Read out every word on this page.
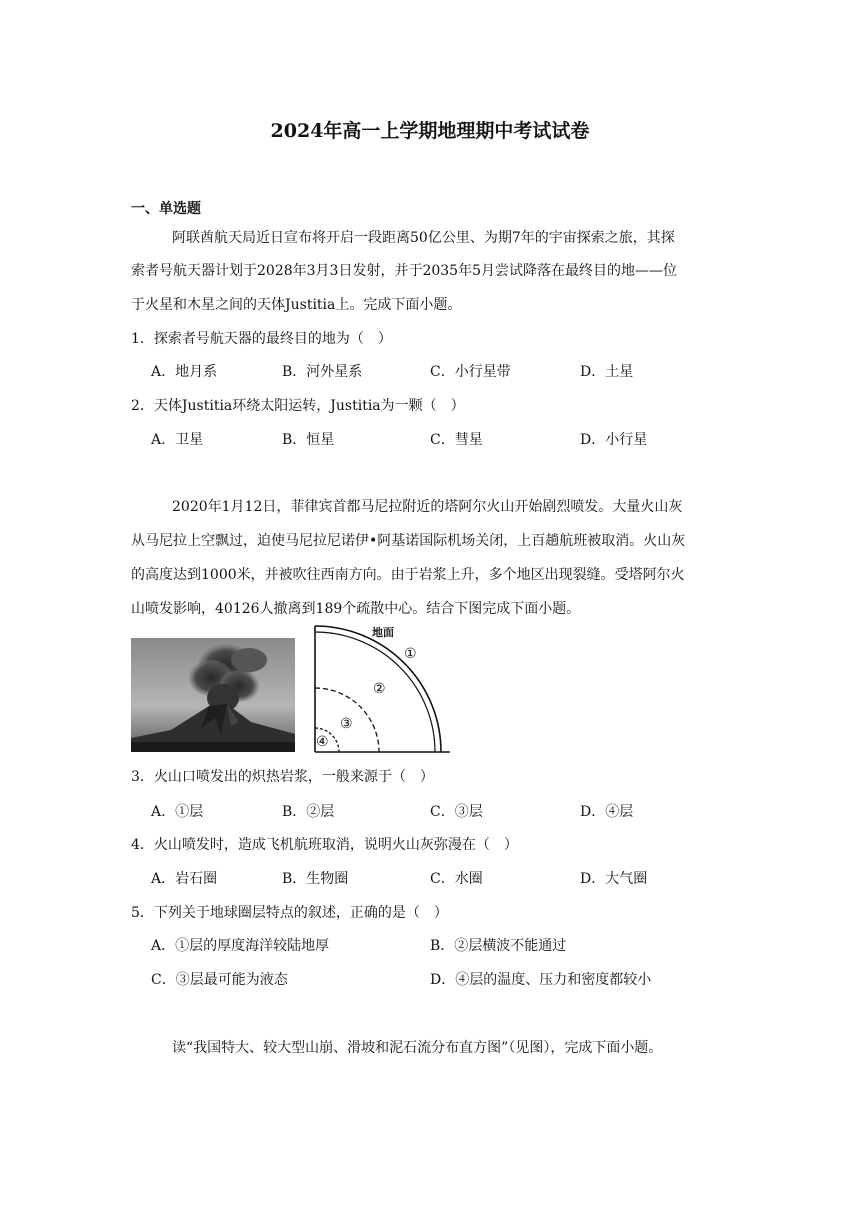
2024年高一上学期地理期中考试试卷
一、单选题
阿联酋航天局近日宣布将开启一段距离50亿公里、为期7年的宇宙探索之旅，其探
索者号航天器计划于2028年3月3日发射，并于2035年5月尝试降落在最终目的地——位
于火星和木星之间的天体Justitia上。完成下面小题。
1．探索者号航天器的最终目的地为（　）
A．地月系	B．河外星系	C．小行星带	D．土星
2．天体Justitia环绕太阳运转，Justitia为一颗（　）
A．卫星	B．恒星	C．彗星	D．小行星
2020年1月12日，菲律宾首都马尼拉附近的塔阿尔火山开始剧烈喷发。大量火山灰
从马尼拉上空飘过，迫使马尼拉尼诺伊•阿基诺国际机场关闭，上百趟航班被取消。火山灰
的高度达到1000米，并被吹往西南方向。由于岩浆上升，多个地区出现裂缝。受塔阿尔火
山喷发影响，40126人撤离到189个疏散中心。结合下图完成下面小题。
地面
①
②
③
④
3．火山口喷发出的炽热岩浆，一般来源于（　）
A．①层	B．②层	C．③层	D．④层
4．火山喷发时，造成飞机航班取消，说明火山灰弥漫在（　）
A．岩石圈	B．生物圈	C．水圈	D．大气圈
5．下列关于地球圈层特点的叙述，正确的是（　）
A．①层的厚度海洋较陆地厚	B．②层横波不能通过
C．③层最可能为液态	D．④层的温度、压力和密度都较小
读“我国特大、较大型山崩、滑坡和泥石流分布直方图”（见图），完成下面小题。
